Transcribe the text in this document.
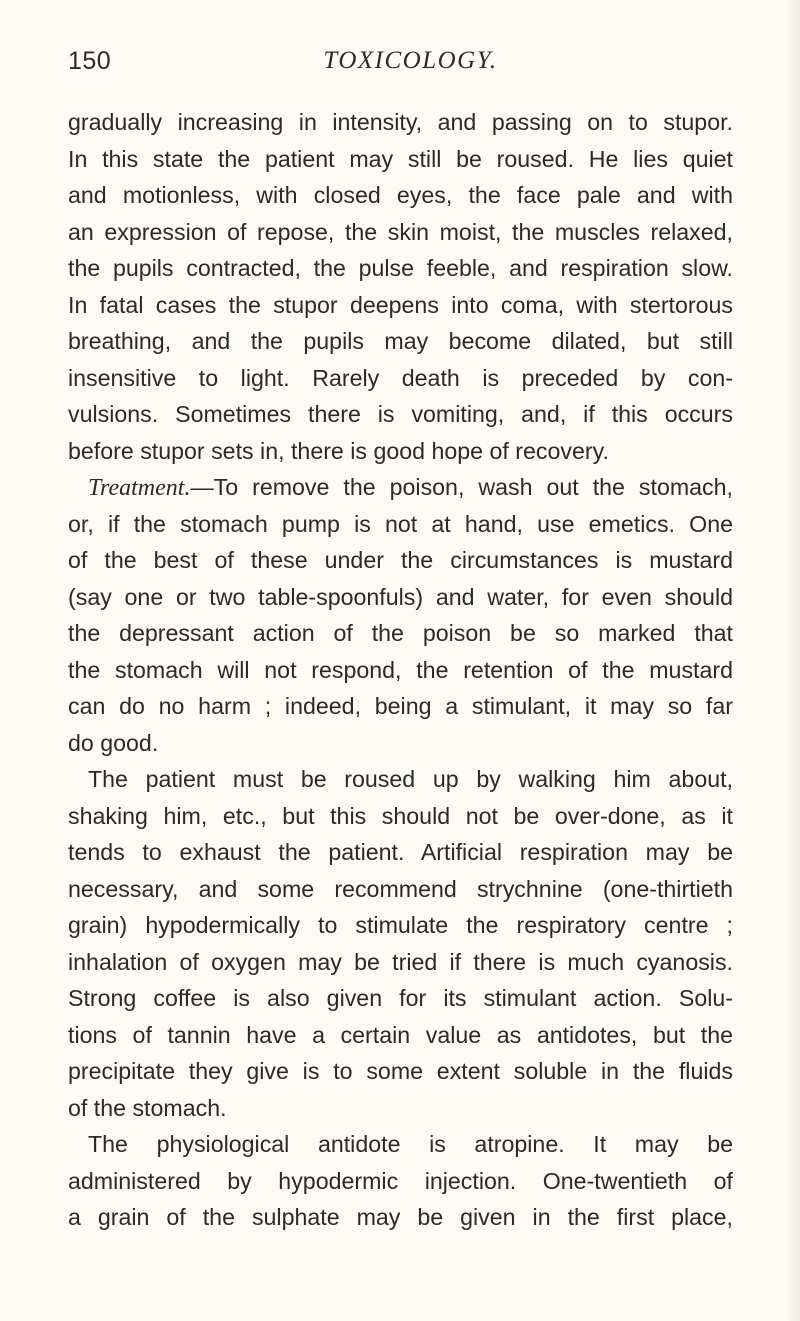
150	TOXICOLOGY.
gradually increasing in intensity, and passing on to stupor.
In this state the patient may still be roused. He lies quiet
and motionless, with closed eyes, the face pale and with
an expression of repose, the skin moist, the muscles relaxed,
the pupils contracted, the pulse feeble, and respiration slow.
In fatal cases the stupor deepens into coma, with stertorous
breathing, and the pupils may become dilated, but still
insensitive to light. Rarely death is preceded by con-
vulsions. Sometimes there is vomiting, and, if this occurs
before stupor sets in, there is good hope of recovery.
Treatment.—To remove the poison, wash out the stomach,
or, if the stomach pump is not at hand, use emetics. One
of the best of these under the circumstances is mustard
(say one or two table-spoonfuls) and water, for even should
the depressant action of the poison be so marked that
the stomach will not respond, the retention of the mustard
can do no harm ; indeed, being a stimulant, it may so far
do good.
The patient must be roused up by walking him about,
shaking him, etc., but this should not be over-done, as it
tends to exhaust the patient. Artificial respiration may be
necessary, and some recommend strychnine (one-thirtieth
grain) hypodermically to stimulate the respiratory centre ;
inhalation of oxygen may be tried if there is much cyanosis.
Strong coffee is also given for its stimulant action. Solu-
tions of tannin have a certain value as antidotes, but the
precipitate they give is to some extent soluble in the fluids
of the stomach.
The physiological antidote is atropine. It may be
administered by hypodermic injection. One-twentieth of
a grain of the sulphate may be given in the first place,
